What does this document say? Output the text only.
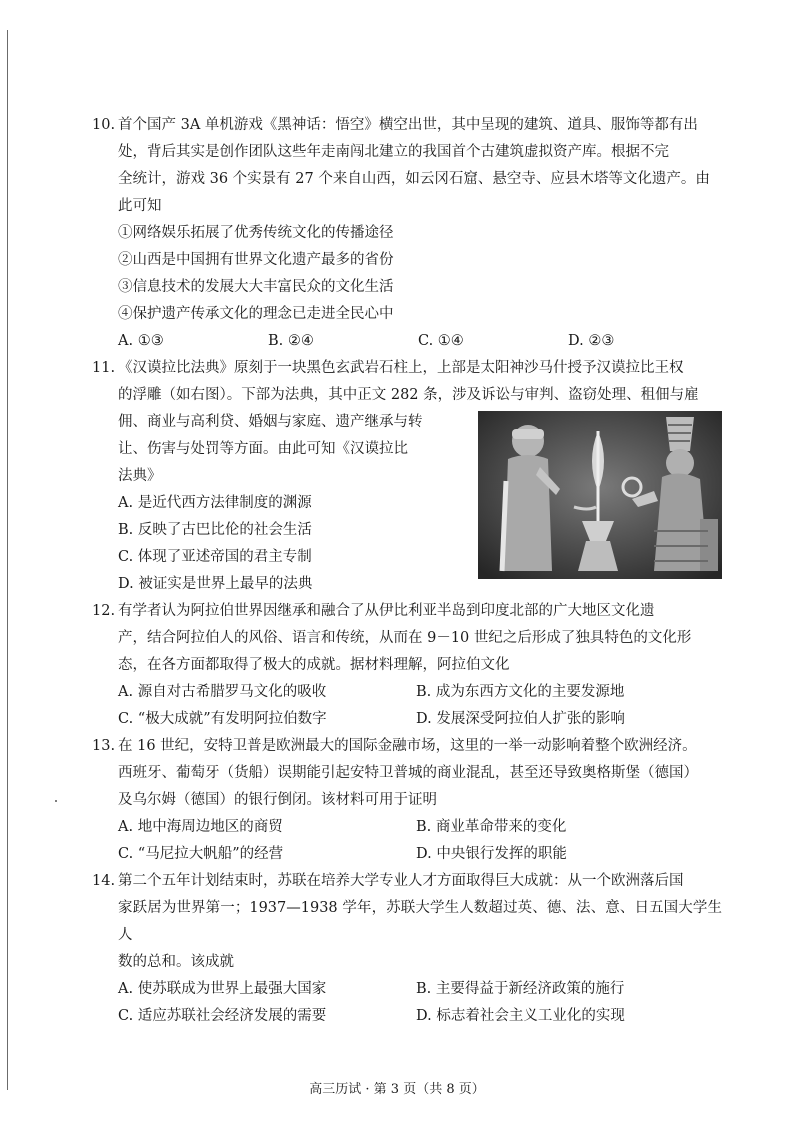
10. 首个国产 3A 单机游戏《黑神话：悟空》横空出世，其中呈现的建筑、道具、服饰等都有出

处，背后其实是创作团队这些年走南闯北建立的我国首个古建筑虚拟资产库。根据不完

全统计，游戏 36 个实景有 27 个来自山西，如云冈石窟、悬空寺、应县木塔等文化遗产。由

此可知

①网络娱乐拓展了优秀传统文化的传播途径

②山西是中国拥有世界文化遗产最多的省份

③信息技术的发展大大丰富民众的文化生活

④保护遗产传承文化的理念已走进全民心中

A. ①③	B. ②④	C. ①④	D. ②③

11. 《汉谟拉比法典》原刻于一块黑色玄武岩石柱上，上部是太阳神沙马什授予汉谟拉比王权

的浮雕（如右图）。下部为法典，其中正文 282 条，涉及诉讼与审判、盗窃处理、租佃与雇

佣、商业与高利贷、婚姻与家庭、遗产继承与转

让、伤害与处罚等方面。由此可知《汉谟拉比

法典》

A. 是近代西方法律制度的渊源

B. 反映了古巴比伦的社会生活

C. 体现了亚述帝国的君主专制

D. 被证实是世界上最早的法典

12. 有学者认为阿拉伯世界因继承和融合了从伊比利亚半岛到印度北部的广大地区文化遗

产，结合阿拉伯人的风俗、语言和传统，从而在 9－10 世纪之后形成了独具特色的文化形

态，在各方面都取得了极大的成就。据材料理解，阿拉伯文化

A. 源自对古希腊罗马文化的吸收	B. 成为东西方文化的主要发源地
C. “极大成就”有发明阿拉伯数字	D. 发展深受阿拉伯人扩张的影响

13. 在 16 世纪，安特卫普是欧洲最大的国际金融市场，这里的一举一动影响着整个欧洲经济。

西班牙、葡萄牙（货船）误期能引起安特卫普城的商业混乱，甚至还导致奥格斯堡（德国）

及乌尔姆（德国）的银行倒闭。该材料可用于证明

A. 地中海周边地区的商贸	B. 商业革命带来的变化
C. “马尼拉大帆船”的经营	D. 中央银行发挥的职能

14. 第二个五年计划结束时，苏联在培养大学专业人才方面取得巨大成就：从一个欧洲落后国

家跃居为世界第一；1937—1938 学年，苏联大学生人数超过英、德、法、意、日五国大学生人

数的总和。该成就

A. 使苏联成为世界上最强大国家	B. 主要得益于新经济政策的施行
C. 适应苏联社会经济发展的需要	D. 标志着社会主义工业化的实现
高三历试 · 第 3 页（共 8 页）
